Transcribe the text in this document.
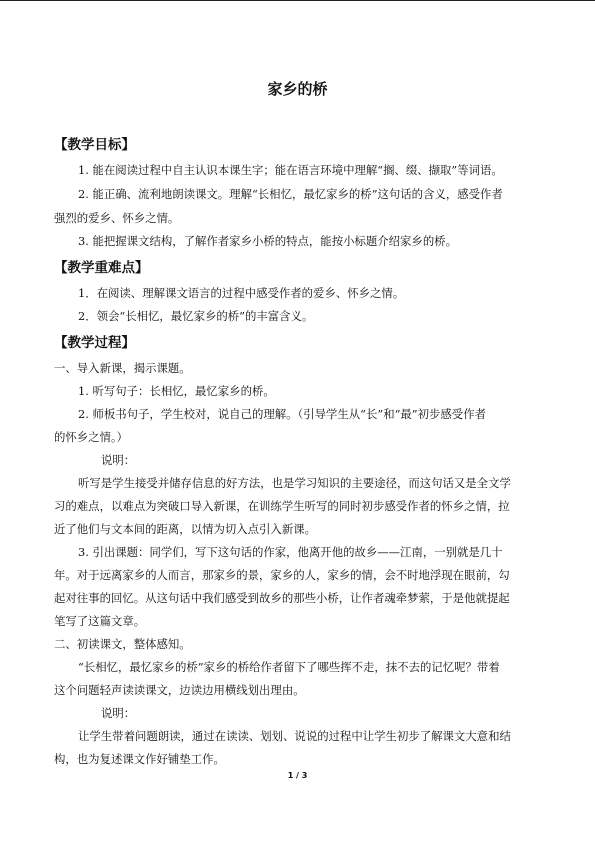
家乡的桥
【教学目标】
1. 能在阅读过程中自主认识本课生字；能在语言环境中理解“搁、缀、撷取”等词语。
2. 能正确、流利地朗读课文。理解“长相忆，最忆家乡的桥”这句话的含义，感受作者
强烈的爱乡、怀乡之情。
3. 能把握课文结构，了解作者家乡小桥的特点，能按小标题介绍家乡的桥。
【教学重难点】
1．在阅读、理解课文语言的过程中感受作者的爱乡、怀乡之情。
2．领会“长相忆，最忆家乡的桥”的丰富含义。
【教学过程】
一、导入新课，揭示课题。
1. 听写句子：长相忆，最忆家乡的桥。
2. 师板书句子，学生校对，说自己的理解。（引导学生从“长”和“最”初步感受作者
的怀乡之情。）
说明：
听写是学生接受并储存信息的好方法，也是学习知识的主要途径，而这句话又是全文学
习的难点，以难点为突破口导入新课，在训练学生听写的同时初步感受作者的怀乡之情，拉
近了他们与文本间的距离，以情为切入点引入新课。
3. 引出课题：同学们，写下这句话的作家，他离开他的故乡——江南，一别就是几十
年。对于远离家乡的人而言，那家乡的景，家乡的人，家乡的情，会不时地浮现在眼前，勾
起对往事的回忆。从这句话中我们感受到故乡的那些小桥，让作者魂牵梦萦，于是他就提起
笔写了这篇文章。
二、初读课文，整体感知。
“长相忆，最忆家乡的桥”家乡的桥给作者留下了哪些挥不走，抹不去的记忆呢？带着
这个问题轻声读读课文，边读边用横线划出理由。
说明：
让学生带着问题朗读，通过在读读、划划、说说的过程中让学生初步了解课文大意和结
构，也为复述课文作好铺垫工作。
1 / 3
